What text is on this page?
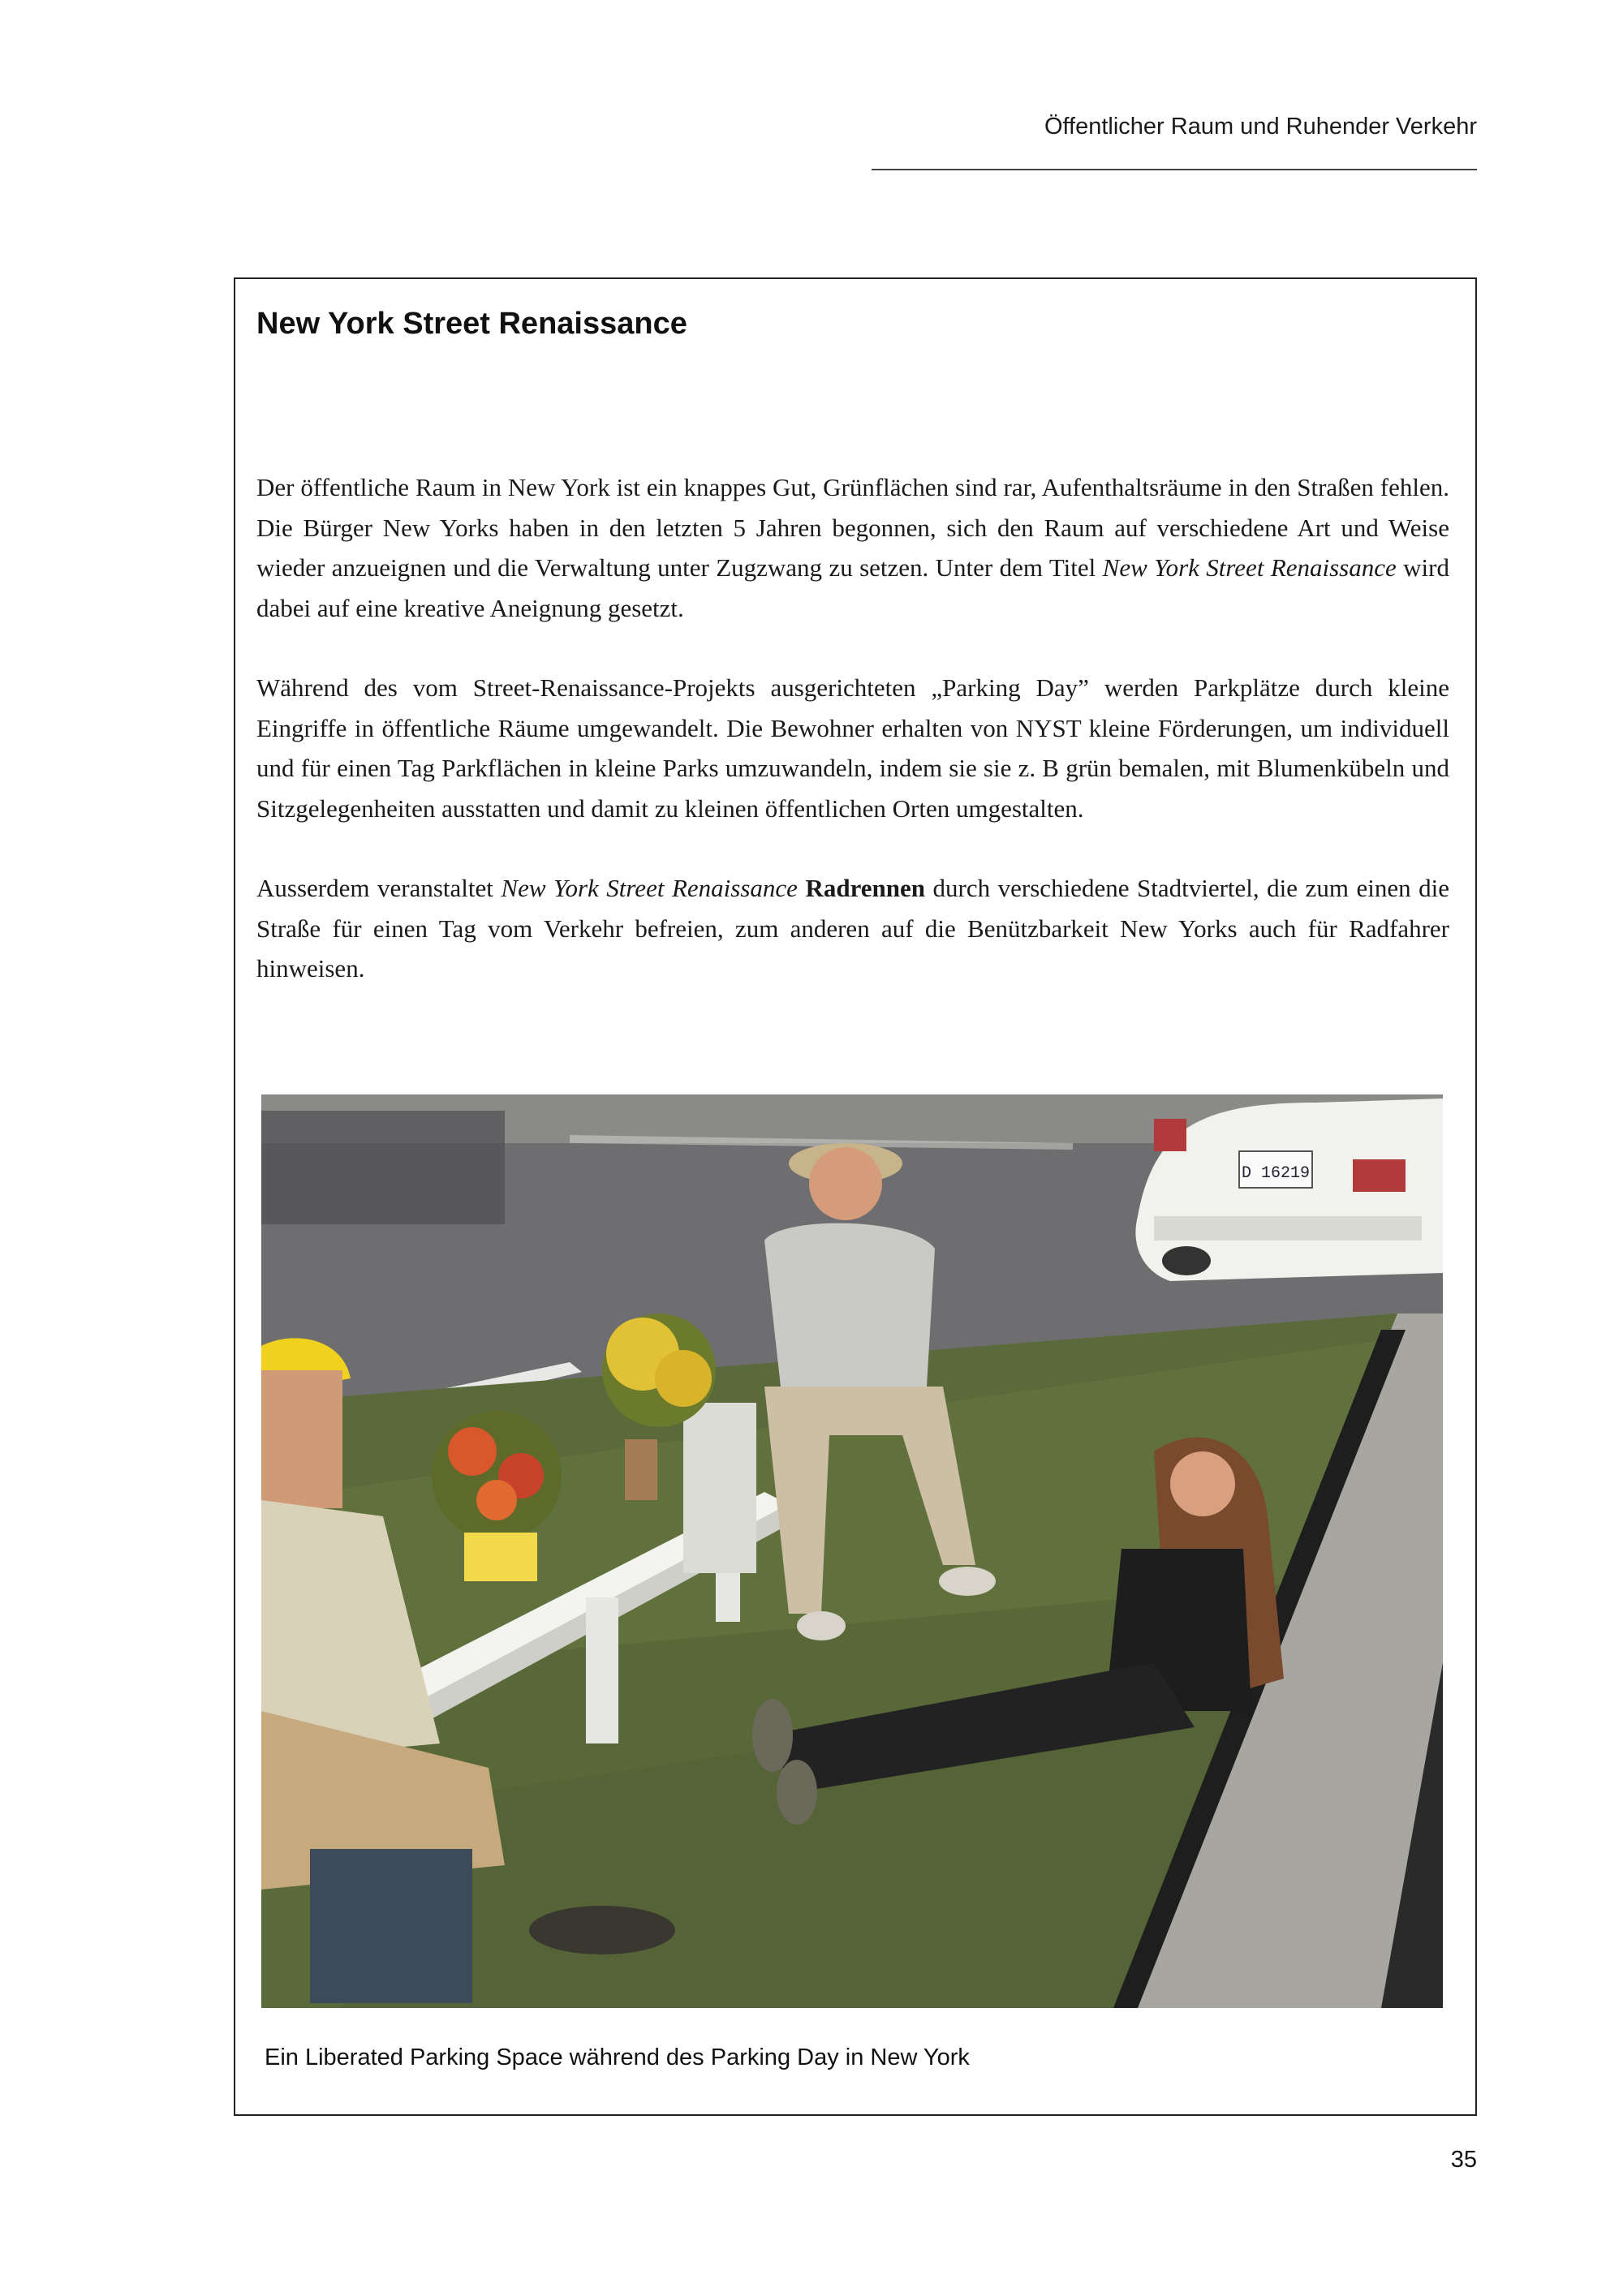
Öffentlicher Raum und Ruhender Verkehr
New York Street Renaissance

Der öffentliche Raum in New York ist ein knappes Gut, Grünflächen sind rar, Aufenthaltsräume in den Straßen fehlen. Die Bürger New Yorks haben in den letzten 5 Jahren begonnen, sich den Raum auf verschiedene Art und Weise wieder anzueignen und die Verwaltung unter Zugzwang zu setzen. Unter dem Titel New York Street Renaissance wird dabei auf eine kreative Aneignung gesetzt.

Während des vom Street-Renaissance-Projekts ausgerichteten „Parking Day” werden Parkplätze durch kleine Eingriffe in öffentliche Räume umgewandelt. Die Bewohner erhalten von NYST kleine Förderungen, um individuell und für einen Tag Parkflächen in kleine Parks umzuwandeln, indem sie sie z. B grün bemalen, mit Blumenkübeln und Sitzgelegenheiten ausstatten und damit zu kleinen öffentlichen Orten umgestalten.

Ausserdem veranstaltet New York Street Renaissance Radrennen durch verschiedene Stadtviertel, die zum einen die Straße für einen Tag vom Verkehr befreien, zum anderen auf die Benützbarkeit New Yorks auch für Radfahrer hinweisen.

D 16219
Ein Liberated Parking Space während des Parking Day in New York
35
